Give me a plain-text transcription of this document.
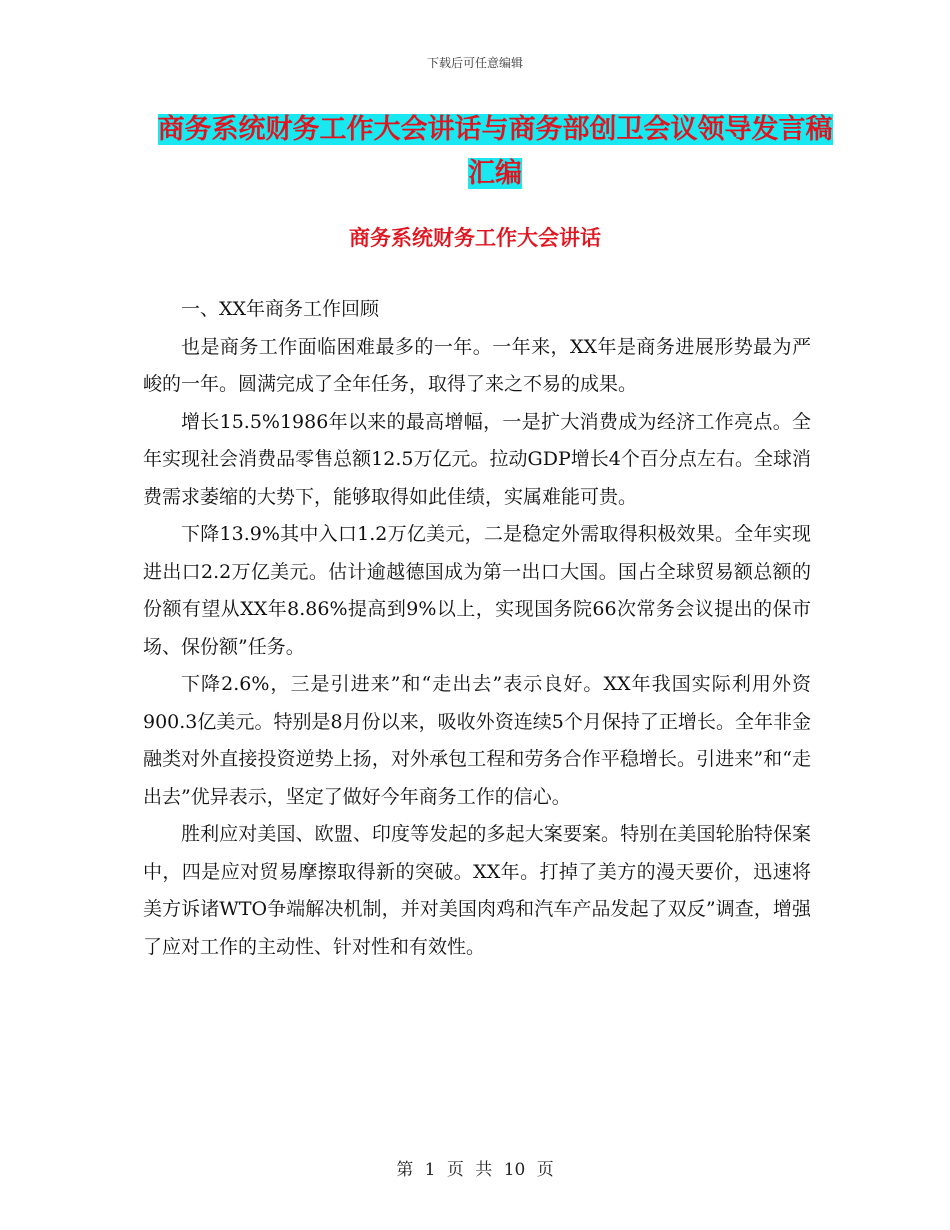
下载后可任意编辑
商务系统财务工作大会讲话与商务部创卫会议领导发言稿汇编
商务系统财务工作大会讲话

一、XX年商务工作回顾

也是商务工作面临困难最多的一年。一年来，XX年是商务进展形势最为严峻的一年。圆满完成了全年任务，取得了来之不易的成果。

增长15.5%1986年以来的最高增幅，一是扩大消费成为经济工作亮点。全年实现社会消费品零售总额12.5万亿元。拉动GDP增长4个百分点左右。全球消费需求萎缩的大势下，能够取得如此佳绩，实属难能可贵。

下降13.9%其中入口1.2万亿美元，二是稳定外需取得积极效果。全年实现进出口2.2万亿美元。估计逾越德国成为第一出口大国。国占全球贸易额总额的份额有望从XX年8.86%提高到9%以上，实现国务院66次常务会议提出的保市场、保份额”任务。

下降2.6%，三是引进来”和“走出去”表示良好。XX年我国实际利用外资900.3亿美元。特别是8月份以来，吸收外资连续5个月保持了正增长。全年非金融类对外直接投资逆势上扬，对外承包工程和劳务合作平稳增长。引进来”和“走出去”优异表示，坚定了做好今年商务工作的信心。

胜利应对美国、欧盟、印度等发起的多起大案要案。特别在美国轮胎特保案中，四是应对贸易摩擦取得新的突破。XX年。打掉了美方的漫天要价，迅速将美方诉诸WTO争端解决机制，并对美国肉鸡和汽车产品发起了双反”调查，增强了应对工作的主动性、针对性和有效性。

第 1 页 共 10 页
